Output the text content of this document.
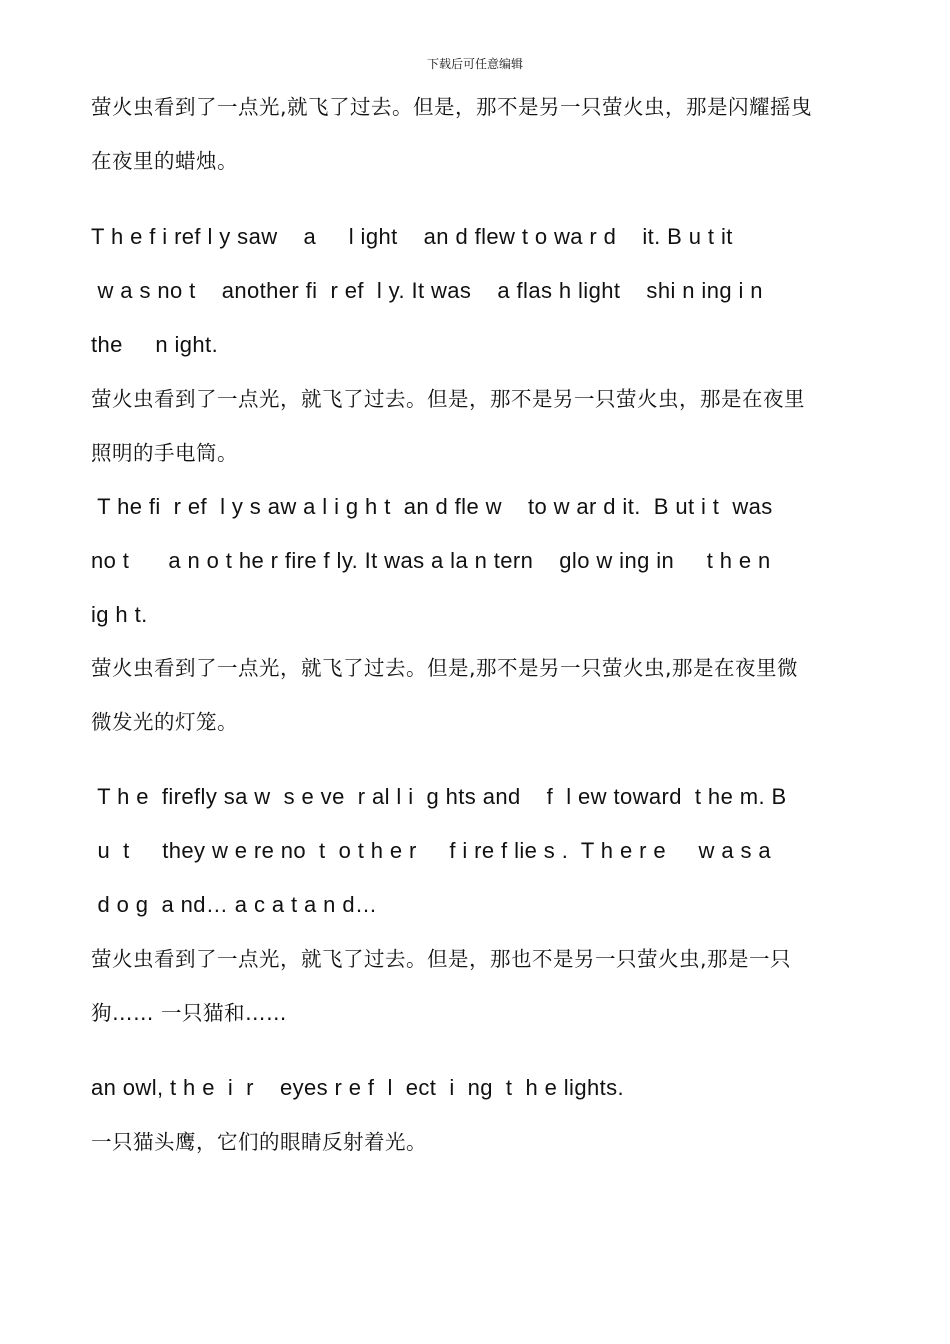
下载后可任意编辑
萤火虫看到了一点光,就飞了过去。但是，那不是另一只萤火虫，那是闪耀摇曳
在夜里的蜡烛。
T h e f i ref l y saw    a     l ight    an d flew t o wa r d    it. B u t it
w a s no t    another fi  r ef  l y. It was    a flas h light    shi n ing i n
the     n ight.
萤火虫看到了一点光，就飞了过去。但是，那不是另一只萤火虫，那是在夜里
照明的手电筒。
T he fi  r ef  l y s aw a l i g h t  an d fle w    to w ar d it.  B ut i t  was
no t      a n o t he r fire f ly. It was a la n tern    glo w ing in     t h e n
ig h t.
萤火虫看到了一点光，就飞了过去。但是,那不是另一只萤火虫,那是在夜里微
微发光的灯笼。
T h e  firefly sa w  s e ve  r al l i  g hts and    f  l ew toward  t he m. B
u  t     they w e re no  t  o t h e r     f i re f lie s .  T h e r e     w a s a
d o g  a nd… a c a t a n d…
萤火虫看到了一点光，就飞了过去。但是，那也不是另一只萤火虫,那是一只
狗…… 一只猫和……
an owl, t h e  i  r    eyes r e f  l  ect  i  ng  t  h e lights.
一只猫头鹰，它们的眼睛反射着光。
